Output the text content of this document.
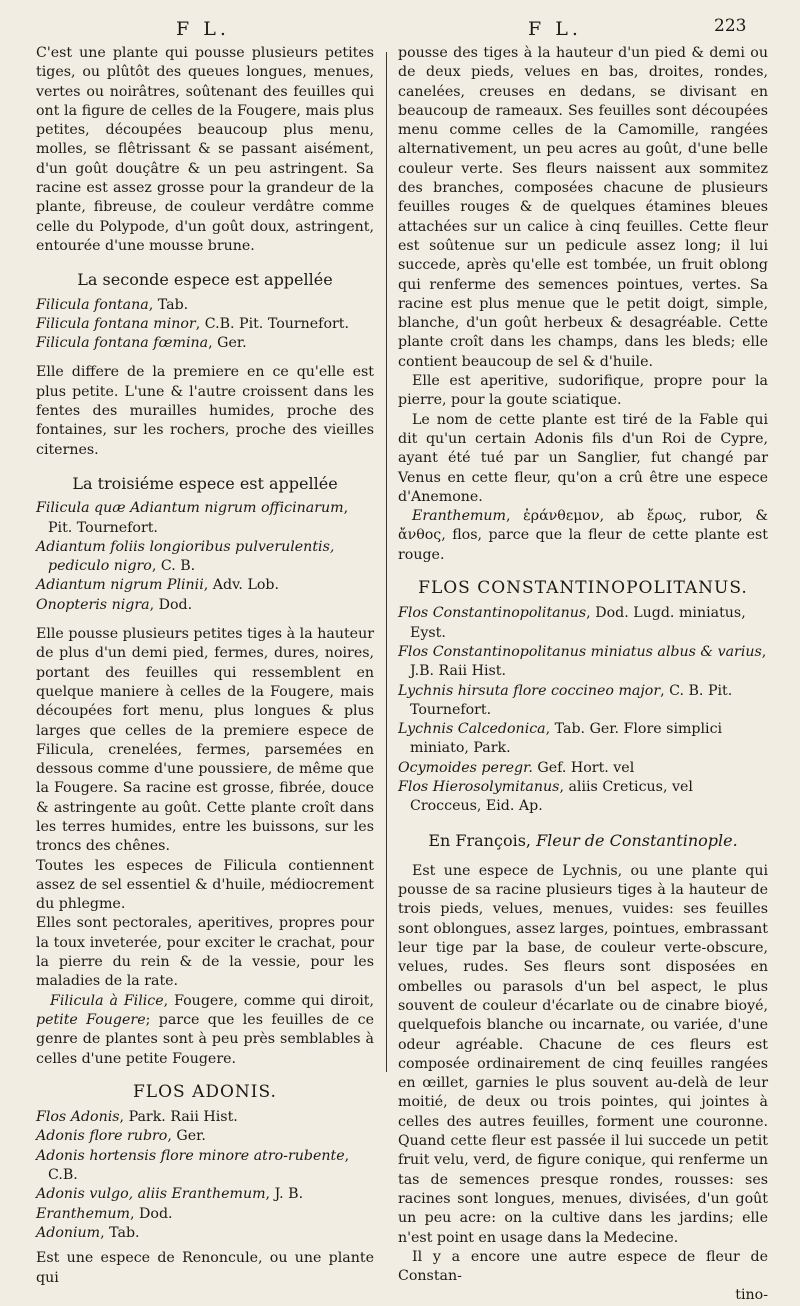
F L.	F L.	223

C'est une plante qui pousse plusieurs petites tiges, ou plûtôt des queues longues, menues, vertes ou noirâtres, soûtenant des feuilles qui ont la figure de celles de la Fougere, mais plus petites, découpées beaucoup plus menu, molles, se flêtrissant & se passant aisément, d'un goût douçâtre & un peu astringent. Sa racine est assez grosse pour la grandeur de la plante, fibreuse, de couleur verdâtre comme celle du Polypode, d'un goût doux, astringent, entourée d'une mousse brune.

La seconde espece est appellée
Filicula fontana, Tab.
Filicula fontana minor, C.B. Pit. Tournefort.
Filicula fontana fœmina, Ger.

Elle differe de la premiere en ce qu'elle est plus petite. L'une & l'autre croissent dans les fentes des murailles humides, proche des fontaines, sur les rochers, proche des vieilles citernes.

La troisiéme espece est appellée
Filicula quæ Adiantum nigrum officinarum, Pit. Tournefort.
Adiantum foliis longioribus pulverulentis, pediculo nigro, C. B.
Adiantum nigrum Plinii, Adv. Lob.
Onopteris nigra, Dod.

Elle pousse plusieurs petites tiges à la hauteur de plus d'un demi pied, fermes, dures, noires, portant des feuilles qui ressemblent en quelque maniere à celles de la Fougere, mais découpées fort menu, plus longues & plus larges que celles de la premiere espece de Filicula, crenelées, fermes, parsemées en dessous comme d'une poussiere, de même que la Fougere. Sa racine est grosse, fibrée, douce & astringente au goût. Cette plante croît dans les terres humides, entre les buissons, sur les troncs des chênes.

Toutes les especes de Filicula contiennent assez de sel essentiel & d'huile, médiocrement du phlegme.

Elles sont pectorales, aperitives, propres pour la toux inveterée, pour exciter le crachat, pour la pierre du rein & de la vessie, pour les maladies de la rate.

Filicula à Filice, Fougere, comme qui diroit, petite Fougere; parce que les feuilles de ce genre de plantes sont à peu près semblables à celles d'une petite Fougere.

FLOS ADONIS.
Flos Adonis, Park. Raii Hist.
Adonis flore rubro, Ger.
Adonis hortensis flore minore atro-rubente, C.B.
Adonis vulgo, aliis Eranthemum, J. B.
Eranthemum, Dod.
Adonium, Tab.

Est une espece de Renoncule, ou une plante qui

pousse des tiges à la hauteur d'un pied & demi ou de deux pieds, velues en bas, droites, rondes, canelées, creuses en dedans, se divisant en beaucoup de rameaux. Ses feuilles sont découpées menu comme celles de la Camomille, rangées alternativement, un peu acres au goût, d'une belle couleur verte. Ses fleurs naissent aux sommitez des branches, composées chacune de plusieurs feuilles rouges & de quelques étamines bleues attachées sur un calice à cinq feuilles. Cette fleur est soûtenue sur un pedicule assez long; il lui succede, après qu'elle est tombée, un fruit oblong qui renferme des semences pointues, vertes. Sa racine est plus menue que le petit doigt, simple, blanche, d'un goût herbeux & desagréable. Cette plante croît dans les champs, dans les bleds; elle contient beaucoup de sel & d'huile.

Elle est aperitive, sudorifique, propre pour la pierre, pour la goute sciatique.

Le nom de cette plante est tiré de la Fable qui dit qu'un certain Adonis fils d'un Roi de Cypre, ayant été tué par un Sanglier, fut changé par Venus en cette fleur, qu'on a crû être une espece d'Anemone.

Eranthemum, ἐράνθεμον, ab ἔρως, rubor, & ἄνθος, flos, parce que la fleur de cette plante est rouge.

FLOS CONSTANTINOPOLITANUS.
Flos Constantinopolitanus, Dod. Lugd. miniatus, Eyst.
Flos Constantinopolitanus miniatus albus & varius, J.B. Raii Hist.
Lychnis hirsuta flore coccineo major, C. B. Pit. Tournefort.
Lychnis Calcedonica, Tab. Ger. Flore simplici miniato, Park.
Ocymoides peregr. Gef. Hort. vel
Flos Hierosolymitanus, aliis Creticus, vel Crocceus, Eid. Ap.
En François, Fleur de Constantinople.

Est une espece de Lychnis, ou une plante qui pousse de sa racine plusieurs tiges à la hauteur de trois pieds, velues, menues, vuides: ses feuilles sont oblongues, assez larges, pointues, embrassant leur tige par la base, de couleur verte-obscure, velues, rudes. Ses fleurs sont disposées en ombelles ou parasols d'un bel aspect, le plus souvent de couleur d'écarlate ou de cinabre bioyé, quelquefois blanche ou incarnate, ou variée, d'une odeur agréable. Chacune de ces fleurs est composée ordinairement de cinq feuilles rangées en œillet, garnies le plus souvent au-delà de leur moitié, de deux ou trois pointes, qui jointes à celles des autres feuilles, forment une couronne. Quand cette fleur est passée il lui succede un petit fruit velu, verd, de figure conique, qui renferme un tas de semences presque rondes, rousses: ses racines sont longues, menues, divisées, d'un goût un peu acre: on la cultive dans les jardins; elle n'est point en usage dans la Medecine.

Il y a encore une autre espece de fleur de Constan-

tino-
